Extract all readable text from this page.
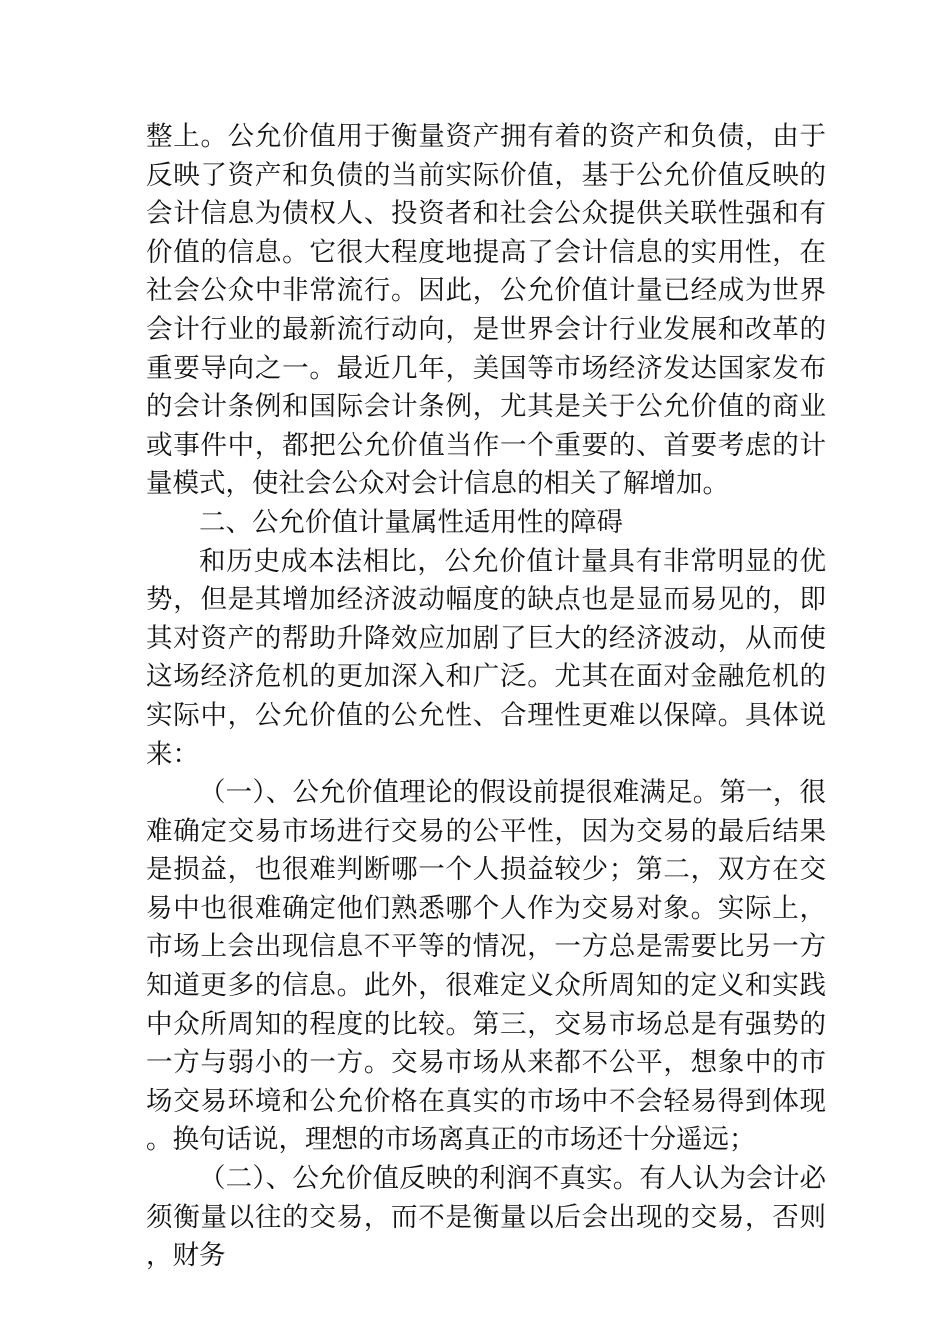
整上。公允价值用于衡量资产拥有着的资产和负债，由于反映了资产和负债的当前实际价值，基于公允价值反映的会计信息为债权人、投资者和社会公众提供关联性强和有价值的信息。它很大程度地提高了会计信息的实用性，在社会公众中非常流行。因此，公允价值计量已经成为世界会计行业的最新流行动向，是世界会计行业发展和改革的重要导向之一。最近几年，美国等市场经济发达国家发布的会计条例和国际会计条例，尤其是关于公允价值的商业或事件中，都把公允价值当作一个重要的、首要考虑的计量模式，使社会公众对会计信息的相关了解增加。

二、公允价值计量属性适用性的障碍

和历史成本法相比，公允价值计量具有非常明显的优势，但是其增加经济波动幅度的缺点也是显而易见的，即其对资产的帮助升降效应加剧了巨大的经济波动，从而使这场经济危机的更加深入和广泛。尤其在面对金融危机的实际中，公允价值的公允性、合理性更难以保障。具体说来：

（一）、公允价值理论的假设前提很难满足。第一，很难确定交易市场进行交易的公平性，因为交易的最后结果是损益，也很难判断哪一个人损益较少；第二，双方在交易中也很难确定他们熟悉哪个人作为交易对象。实际上，市场上会出现信息不平等的情况，一方总是需要比另一方知道更多的信息。此外，很难定义众所周知的定义和实践中众所周知的程度的比较。第三，交易市场总是有强势的一方与弱小的一方。交易市场从来都不公平，想象中的市场交易环境和公允价格在真实的市场中不会轻易得到体现。换句话说，理想的市场离真正的市场还十分遥远；

（二）、公允价值反映的利润不真实。有人认为会计必须衡量以往的交易，而不是衡量以后会出现的交易，否则，财务
